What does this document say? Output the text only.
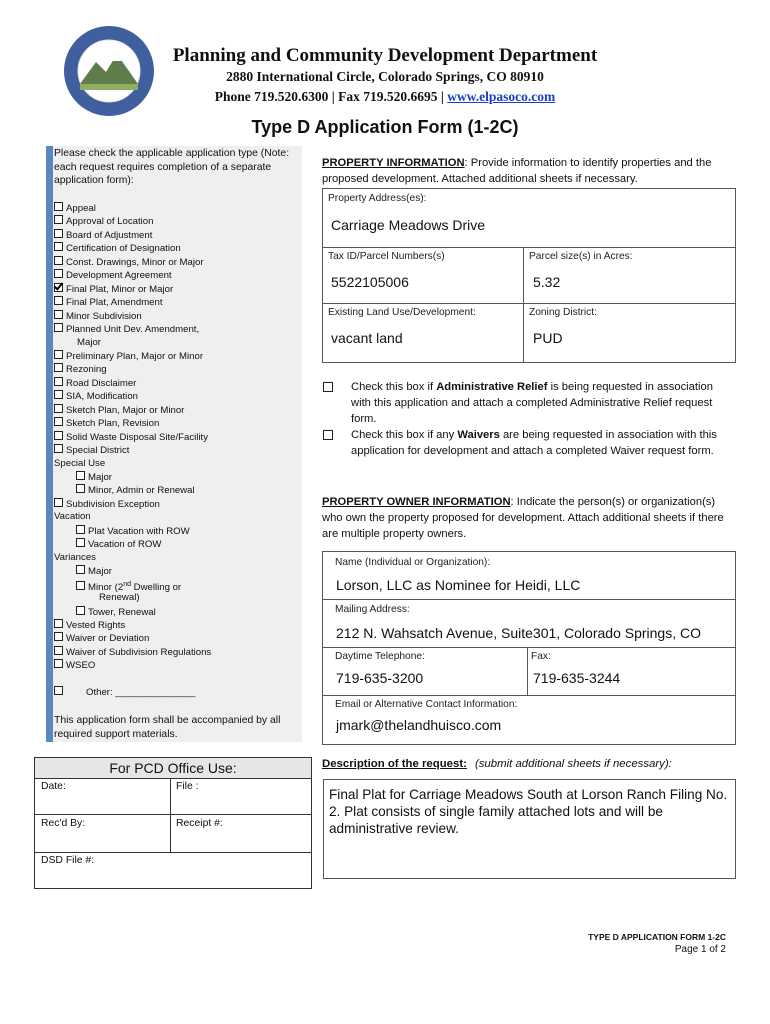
Planning and Community Development Department
2880 International Circle, Colorado Springs, CO 80910
Phone 719.520.6300 | Fax 719.520.6695 | www.elpasoco.com
Type D Application Form (1-2C)
Please check the applicable application type (Note: each request requires completion of a separate application form):
Appeal
Approval of Location
Board of Adjustment
Certification of Designation
Const. Drawings, Minor or Major
Development Agreement
Final Plat, Minor or Major
Final Plat, Amendment
Minor Subdivision
Planned Unit Dev. Amendment,
Major
Preliminary Plan, Major or Minor
Rezoning
Road Disclaimer
SIA, Modification
Sketch Plan, Major or Minor
Sketch Plan, Revision
Solid Waste Disposal Site/Facility
Special District
Special Use
Major
Minor, Admin or Renewal
Subdivision Exception
Vacation
Plat Vacation with ROW
Vacation of ROW
Variances
Major
Minor (2nd Dwelling or
Renewal)
Tower, Renewal
Vested Rights
Waiver or Deviation
Waiver of Subdivision Regulations
WSEO
Other: _______________
This application form shall be accompanied by all required support materials.
For PCD Office Use:
Date:	File :
Rec'd By:	Receipt #:
DSD File #:
PROPERTY INFORMATION: Provide information to identify properties and the proposed development. Attached additional sheets if necessary.
Property Address(es):
Carriage Meadows Drive
Tax ID/Parcel Numbers(s)
5522105006
Parcel size(s) in Acres:
5.32
Existing Land Use/Development:
vacant land
Zoning District:
PUD
Check this box if Administrative Relief is being requested in association with this application and attach a completed Administrative Relief request form.
Check this box if any Waivers are being requested in association with this application for development and attach a completed Waiver request form.
PROPERTY OWNER INFORMATION: Indicate the person(s) or organization(s) who own the property proposed for development. Attach additional sheets if there are multiple property owners.
Name (Individual or Organization):
Lorson, LLC as Nominee for Heidi, LLC
Mailing Address:
212 N. Wahsatch Avenue, Suite301, Colorado Springs, CO
Daytime Telephone:
719-635-3200
Fax:
719-635-3244
Email or Alternative Contact Information:
jmark@thelandhuisco.com
Description of the request: (submit additional sheets if necessary):
Final Plat for Carriage Meadows South at Lorson Ranch Filing No. 2. Plat consists of single family attached lots and will be administrative review.
TYPE D APPLICATION FORM 1-2C
Page 1 of 2
